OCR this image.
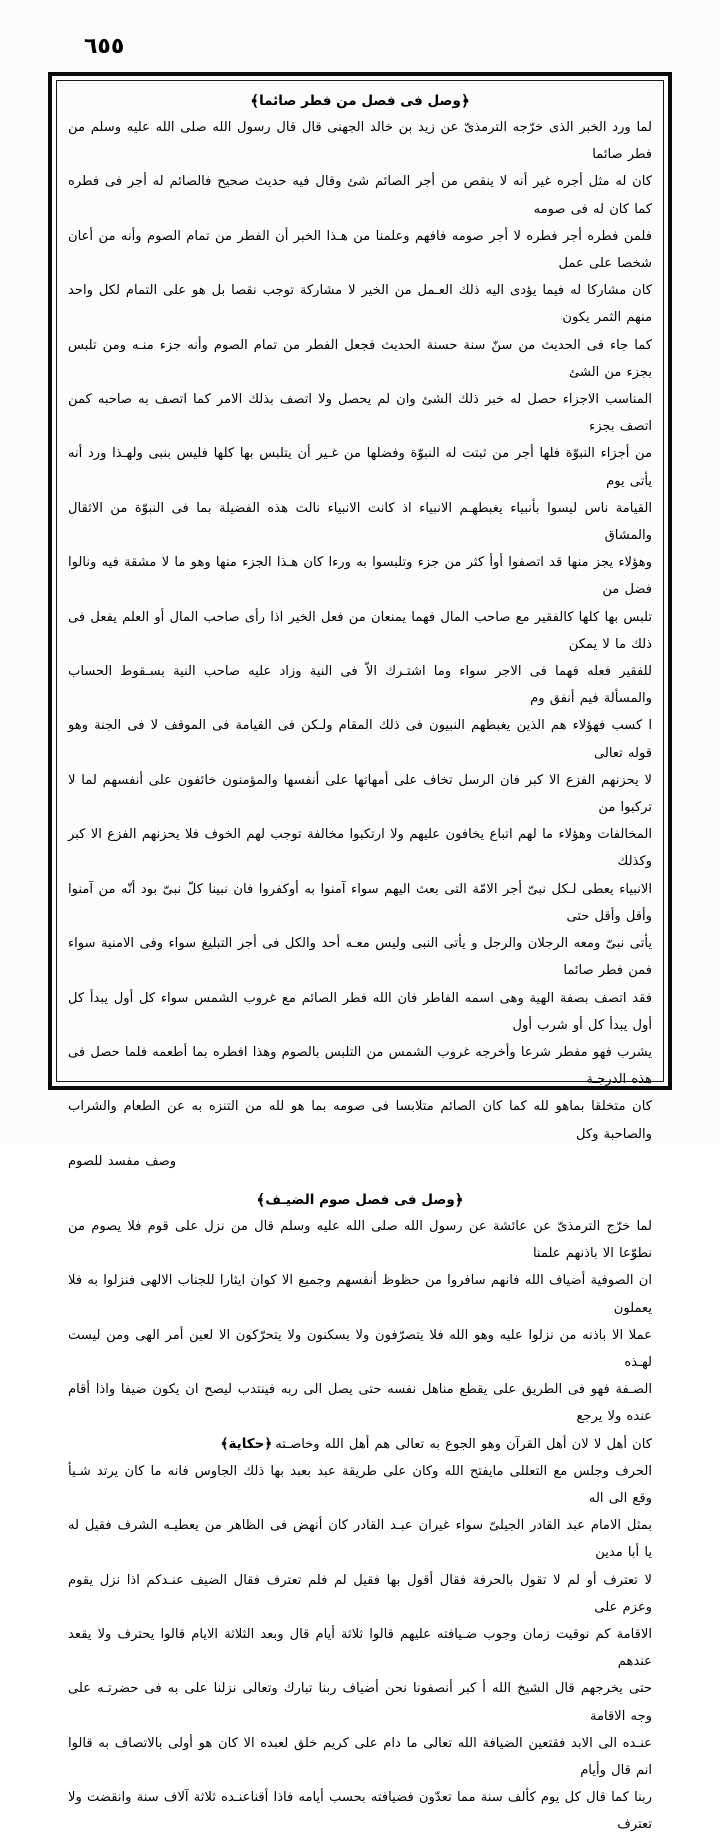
٦٥٥
﴿وصل فى فصل من فطر صائما﴾

لما ورد الخبر الذى خرّجه الترمذىّ عن زيد بن خالد الجهنى قال قال رسول الله صلى الله عليه وسلم من فطر صائما

كان له مثل أجره غير أنه لا ينقص من أجر الصائم شئ وقال فيه حديث صحيح فالصائم له أجر فى فطره كما كان له فى صومه

فلمن فطره أجر فطره لا أجر صومه فافهم وعلمنا من هـذا الخبر أن الفطر من تمام الصوم وأنه من أعان شخصا على عمل

كان مشاركا له فيما يؤدى اليه ذلك العـمل من الخير لا مشاركة توجب نقصا بل هو على التمام لكل واحد منهم الثمر يكون

كما جاء فى الحديث من سنّ سنة حسنة الحديث فجعل الفطر من تمام الصوم وأنه جزء منـه ومن تلبس بجزء من الشئ

المناسب الاجزاء حصل له خبر ذلك الشئ وان لم يحصل ولا اتصف بذلك الامر كما اتصف به صاحبه كمن اتصف بجزء

من أجزاء النبوّة فلها أجر من ثبتت له النبوّة وفضلها من غـير أن يتلبس بها كلها فليس بنبى ولهـذا ورد أنه يأتى يوم

القيامة ناس ليسوا بأنبياء يغبطهـم الانبياء اذ كانت الانبياء نالت هذه الفضيلة بما فى النبوّة من الاثقال والمشاق

وهؤلاء يجز منها قد اتصفوا أوأ كثر من جزء وتلبسوا به ورءا كان هـذا الجزء منها وهو ما لا مشقة فيه ونالوا فضل من

تلبس بها كلها كالفقير مع صاحب المال فهما يمنعان من فعل الخير اذا رأى صاحب المال أو العلم يفعل فى ذلك ما لا يمكن

للفقير فعله فهما فى الاجر سواء وما اشتـرك الاّ فى النية وزاد عليه صاحب النية بسـقوط الحساب والمسألة فيم أنفق وم

ا كسب فهؤلاء هم الذين يغبطهم النبيون فى ذلك المقام ولـكن فى القيامة فى الموقف لا فى الجنة وهو قوله تعالى

لا يحزنهم الفزع الا كبر فان الرسل تخاف على أمهاتها على أنفسها والمؤمنون خائفون على أنفسهم لما لا تركبوا من

المخالفات وهؤلاء ما لهم اتباع يخافون عليهم ولا ارتكبوا مخالفة توجب لهم الخوف فلا يحزنهم الفزع الا كبر وكذلك

الانبياء يعطى لـكل نبىّ أجر الامّة التى بعث اليهم سواء آمنوا به أوكفروا فان نبينا كلّ نبىّ بود أنّه من آمنوا وأقل وأقل حتى

يأتى نبىّ ومعه الرجلان والرجل و يأتى النبى وليس معـه أحد والكل فى أجر التبليغ سواء وفى الامنية سواء فمن فطر صائما

فقد اتصف بصفة الهية وهى اسمه الفاطر فان الله فطر الصائم مع غروب الشمس سواء كل أول يبدأ كل أول يبدأ كل أو شرب أول

يشرب فهو مفطر شرعا وأخرجه غروب الشمس من التلبس بالصوم وهذا افطره بما أطعمه فلما حصل فى هذه الدرجـة

كان متخلقا بماهو لله كما كان الصائم متلابسا فى صومه بما هو لله من التنزه به عن الطعام والشراب والصاحبة وكل

وصف مفسد للصوم

﴿وصل فى فصل صوم الضيـف﴾

لما خرّج الترمذىّ عن عائشة عن رسول الله صلى الله عليه وسلم قال من نزل على قوم فلا يصوم من نطوّعا الا باذنهم علمنا

ان الصوفية أضياف الله فانهم سافروا من حظوظ أنفسهم وجميع الا كوان ايثارا للجناب الالهى فنزلوا به فلا يعملون

عملا الا باذنه من نزلوا عليه وهو الله فلا يتصرّفون ولا يسكنون ولا يتحرّكون الا لعين أمر الهى ومن ليست لهـذه

الصـفة فهو فى الطريق على يقطع مناهل نفسه حتى يصل الى ربه فينتدب ليصح ان يكون ضيفا واذا أقام عنده ولا يرجع

كان أهل لا لان أهل القرآن وهو الجوع به تعالى هم أهل الله وخاصـته﴿حكاية﴾

الحرف وجلس مع التعللى مايفتح الله وكان على طريقة عبد بعبد بها ذلك الجاوس فانه ما كان يرتد شـيأ وقع الى اله

بمثل الامام عبد القادر الجيلىّ سواء غيران عبـد القادر كان أنهض فى الظاهر من يعطيـه الشرف فقيل له يا أبا مدين

لا تعترف أو لم لا تقول بالحرفة فقال أقول بها فقيل لم فلم تعترف فقال الضيف عنـدكم اذا نزل يقوم وعزم على

الاقامة كم نوقيت زمان وجوب ضـيافته عليهم قالوا ثلاثة أيام قال وبعد الثلاثة الايام قالوا يحترف ولا يقعد عندهم

حتى يخرجهم قال الشيخ الله أ كبر أنصفونا نحن أضياف ربنا تبارك وتعالى نزلنا على به فى حضرتـه على وجه الاقامة

عنـده الى الابد فقتعين الضيافة الله تعالى ما دام على كريم خلق لعبده الا كان هو أولى بالاتصاف به قالوا انم قال وأيام

ربنا كما قال كل يوم كألف سنة مما تعدّون فضيافته بحسب أيامه فاذا أقناعنـده ثلاثة آلاف سنة وانقضت ولا تعترف
